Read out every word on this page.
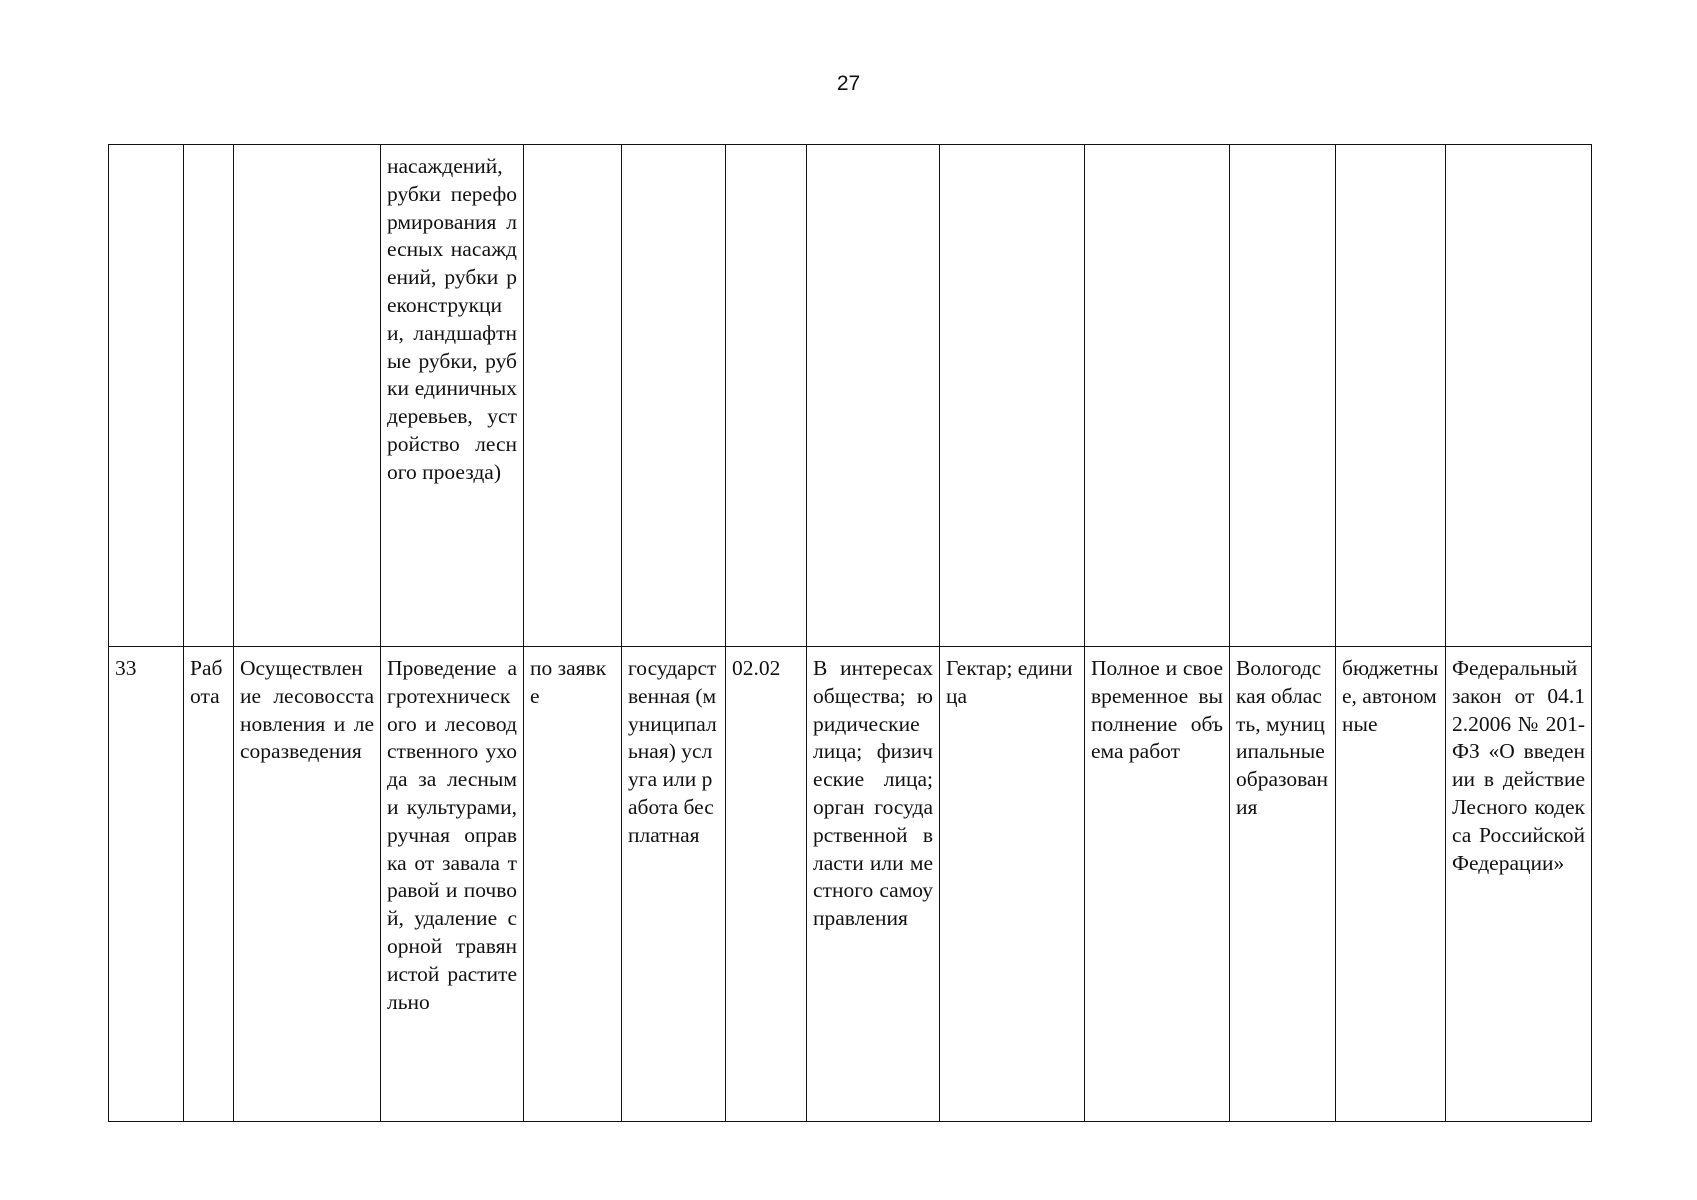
27
			насаждений, рубки переформирования лесных насаждений, рубки реконструкции, ландшафтные рубки, рубки единичных деревьев, устройство лесного проезда)									
33	Работа	Осуществление лесовосстановления и лесоразведения	Проведение агротехнического и лесоводственного ухода за лесными культурами, ручная оправка от завала травой и почвой, удаление сорной травянистой растительно	по заявке	государственная (муниципальная) услуга или работа бесплатная	02.02	В интересах общества; юридические лица; физические лица; орган государственной власти или местного самоуправления	Гектар; единица	Полное и своевременное выполнение объема работ	Вологодская область, муниципальные образования	бюджетные, автономные	Федеральный закон от 04.12.2006 № 201-ФЗ «О введении в действие Лесного кодекса Российской Федерации»
